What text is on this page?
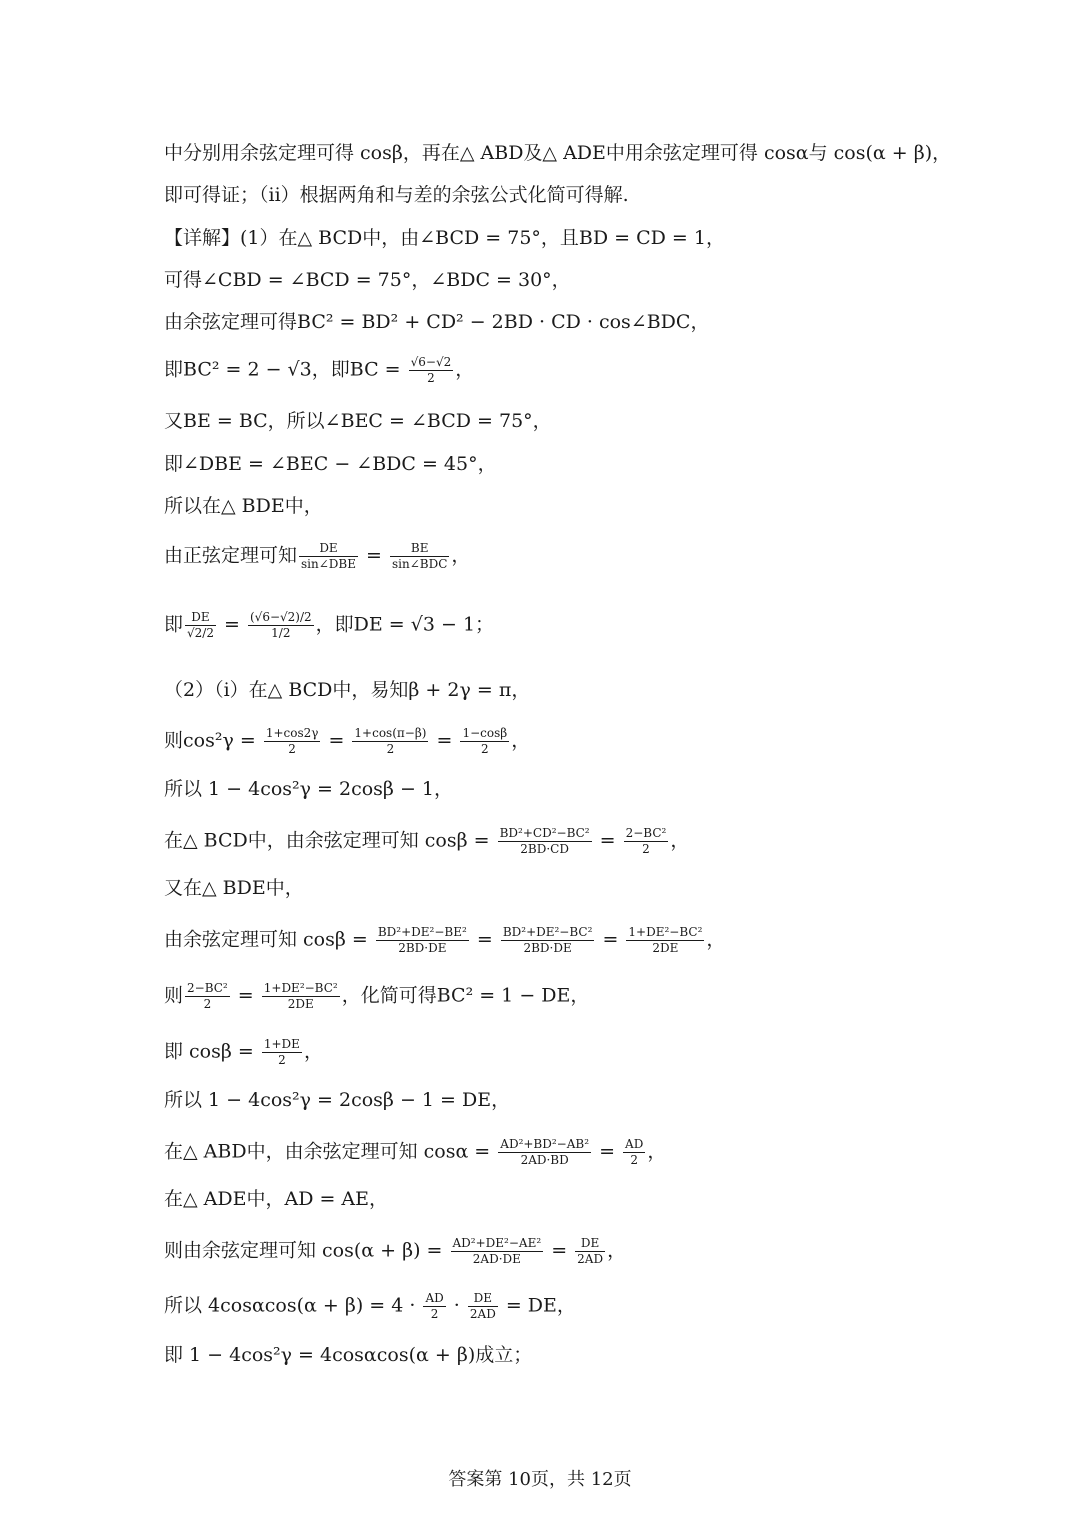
中分别用余弦定理可得 cosβ，再在△ ABD及△ ADE中用余弦定理可得 cosα与 cos(α + β)，
即可得证；（ii）根据两角和与差的余弦公式化简可得解.
【详解】(1）在△ BCD中，由∠BCD = 75°，且BD = CD = 1，
可得∠CBD = ∠BCD = 75°，∠BDC = 30°，
由余弦定理可得BC² = BD² + CD² − 2BD · CD · cos∠BDC，
即BC² = 2 − √3，即BC = $\frac{√6-√2}{2}$ ，
又BE = BC，所以∠BEC = ∠BCD = 75°，
即∠DBE = ∠BEC − ∠BDC = 45°，
所以在△ BDE中，
由正弦定理可知 $\frac{DE}{\text{sin∠DBE}} = \frac{BE}{\text{sin∠BDC}}$ ，
即 $\frac{DE}{√2/2} = \frac{(√6-√2)/2}{1/2}$ ，即DE = √3 − 1；
（2）（i）在△ BCD中，易知β + 2γ = π，
则$\cos^2\gamma = \frac{1+\cos 2\gamma}{2} = \frac{1+\cos(\pi-\beta)}{2} = \frac{1-\cos\beta}{2}$ ，
所以 1 − 4cos²γ = 2cosβ − 1，
在△ BCD中，由余弦定理可知 $\cos\beta = \frac{\text{BD²+CD²−BC²}}{2BD\cdot CD} = \frac{\text{2−BC²}}{2}$ ，
又在△ BDE中，
由余弦定理可知 $\cos\beta = \frac{\text{BD²+DE²−BE²}}{2BD\cdot DE} = \frac{\text{BD²+DE²−BC²}}{2BD\cdot DE} = \frac{\text{1+DE²−BC²}}{2DE}$ ，
则 $\frac{\text{2−BC²}}{2} = \frac{\text{1+DE²−BC²}}{2DE}$ ，化简可得BC² = 1 − DE，
即 $\cos\beta = \frac{1+DE}{2}$ ，
所以 1 − 4cos²γ = 2cosβ − 1 = DE，
在△ ABD中，由余弦定理可知 $\cos\alpha = \frac{\text{AD²+BD²−AB²}}{2AD\cdot BD} = \frac{AD}{2}$ ，
在△ ADE中，AD = AE，
则由余弦定理可知 $\cos(\alpha + \beta) = \frac{\text{AD²+DE²−AE²}}{2AD\cdot DE} = \frac{DE}{2AD}$ ，
所以 $4\cos\alpha\cos(\alpha + \beta) = 4 \cdot \frac{AD}{2} \cdot \frac{DE}{2AD}$ = DE，
即 1 − 4cos²γ = 4cosαcos(α + β)成立；
答案第 10页，共 12页
